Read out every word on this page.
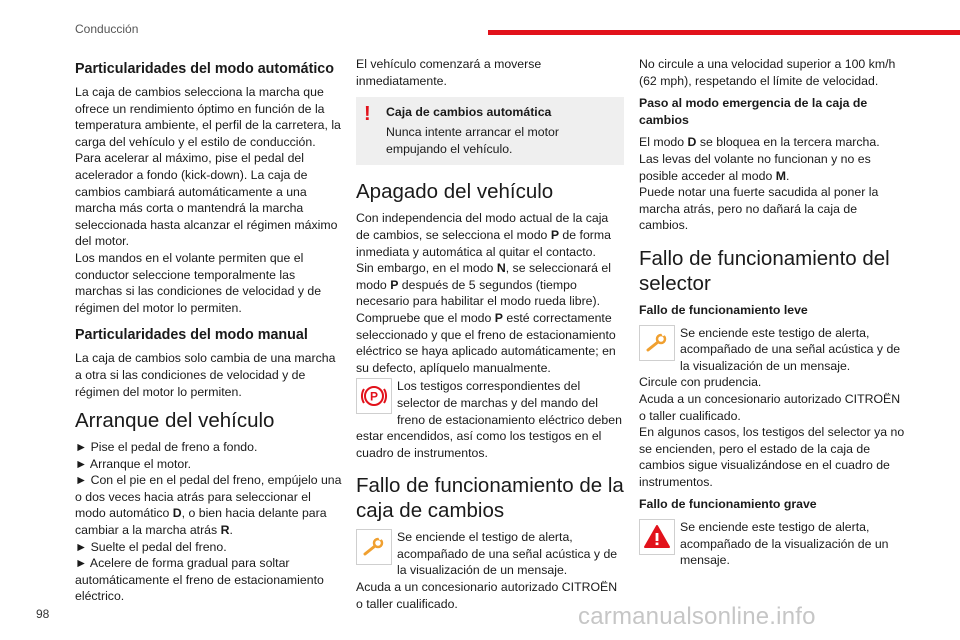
Conducción
Particularidades del modo automático

La caja de cambios selecciona la marcha que ofrece un rendimiento óptimo en función de la temperatura ambiente, el perfil de la carretera, la carga del vehículo y el estilo de conducción.

Para acelerar al máximo, pise el pedal del acelerador a fondo (kick-down). La caja de cambios cambiará automáticamente a una marcha más corta o mantendrá la marcha seleccionada hasta alcanzar el régimen máximo del motor.

Los mandos en el volante permiten que el conductor seleccione temporalmente las marchas si las condiciones de velocidad y de régimen del motor lo permiten.

Particularidades del modo manual

La caja de cambios solo cambia de una marcha a otra si las condiciones de velocidad y de régimen del motor lo permiten.

Arranque del vehículo
► Pise el pedal de freno a fondo.
► Arranque el motor.
► Con el pie en el pedal del freno, empújelo una o dos veces hacia atrás para seleccionar el modo automático D, o bien hacia delante para cambiar a la marcha atrás R.
► Suelte el pedal del freno.
► Acelere de forma gradual para soltar automáticamente el freno de estacionamiento eléctrico.

El vehículo comenzará a moverse inmediatamente.

!	Caja de cambios automática
Nunca intente arrancar el motor empujando el vehículo.
Apagado del vehículo
Con independencia del modo actual de la caja de cambios, se selecciona el modo P de forma inmediata y automática al quitar el contacto.
Sin embargo, en el modo N, se seleccionará el modo P después de 5 segundos (tiempo necesario para habilitar el modo rueda libre).
Compruebe que el modo P esté correctamente seleccionado y que el freno de estacionamiento eléctrico se haya aplicado automáticamente; en su defecto, aplíquelo manualmente.
P
Los testigos correspondientes del selector de marchas y del mando del freno de estacionamiento eléctrico deben estar encendidos, así como los testigos en el cuadro de instrumentos.
Fallo de funcionamiento de la caja de cambios
Se enciende el testigo de alerta, acompañado de una señal acústica y de la visualización de un mensaje.
Acuda a un concesionario autorizado CITROËN o taller cualificado.

No circule a una velocidad superior a 100 km/h (62 mph), respetando el límite de velocidad.

Paso al modo emergencia de la caja de cambios
El modo D se bloquea en la tercera marcha.
Las levas del volante no funcionan y no es posible acceder al modo M.
Puede notar una fuerte sacudida al poner la marcha atrás, pero no dañará la caja de cambios.
Fallo de funcionamiento del selector
Fallo de funcionamiento leve
Se enciende este testigo de alerta, acompañado de una señal acústica y de la visualización de un mensaje.
Circule con prudencia.
Acuda a un concesionario autorizado CITROËN o taller cualificado.
En algunos casos, los testigos del selector ya no se encienden, pero el estado de la caja de cambios sigue visualizándose en el cuadro de instrumentos.
Fallo de funcionamiento grave
Se enciende este testigo de alerta, acompañado de la visualización de un mensaje.
98	carmanualsonline.info
